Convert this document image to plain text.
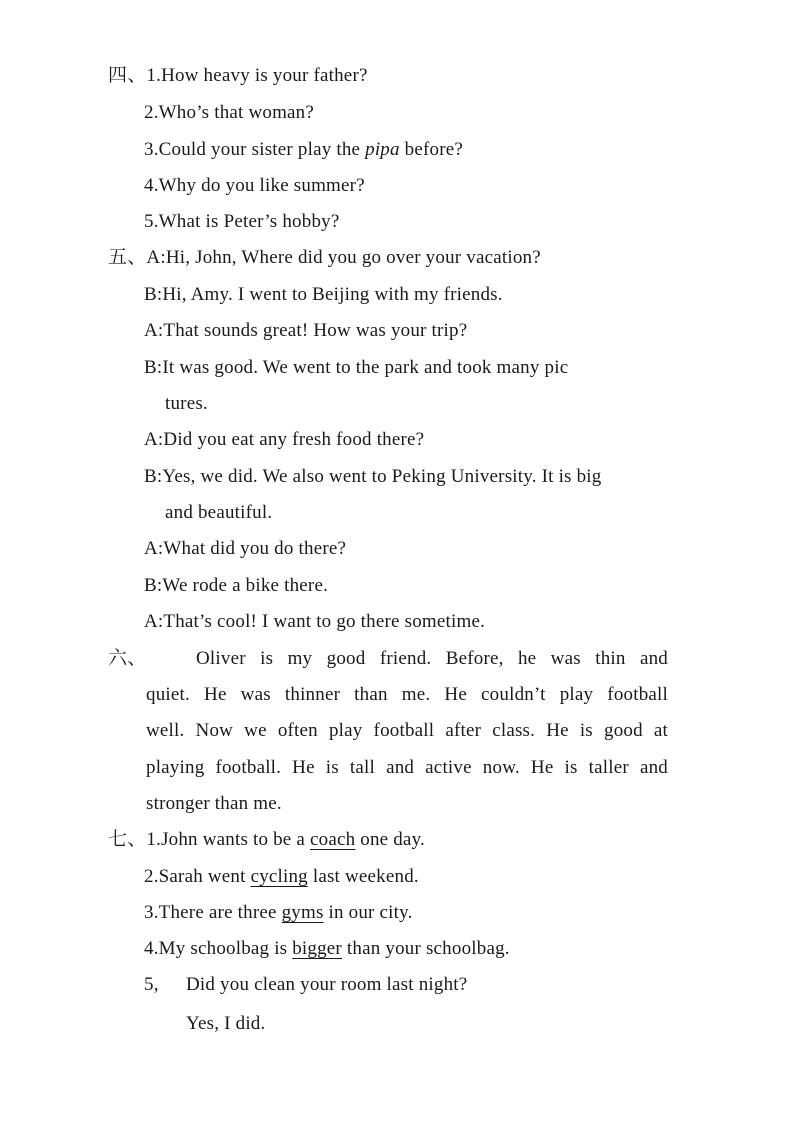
四、1.How heavy is your father?
2.Who’s that woman?
3.Could your sister play the pipa before?
4.Why do you like summer?
5.What is Peter’s hobby?
五、A:Hi, John, Where did you go over your vacation?
B:Hi, Amy. I went to Beijing with my friends.
A:That sounds great! How was your trip?
B:It was good. We went to the park and took many pic
tures.
A:Did you eat any fresh food there?
B:Yes, we did. We also went to Peking University. It is big
and beautiful.
A:What did you do there?
B:We rode a bike there.
A:That’s cool! I want to go there sometime.
六、	Oliver is my good friend. Before, he was thin and
quiet. He was thinner than me. He couldn’t play football
well. Now we often play football after class. He is good at
playing football. He is tall and active now. He is taller and
stronger than me.
七、1.John wants to be a coach one day.
2.Sarah went cycling last weekend.
3.There are three gyms in our city.
4.My schoolbag is bigger than your schoolbag.
5, Did you clean your room last night?
Yes, I did.
